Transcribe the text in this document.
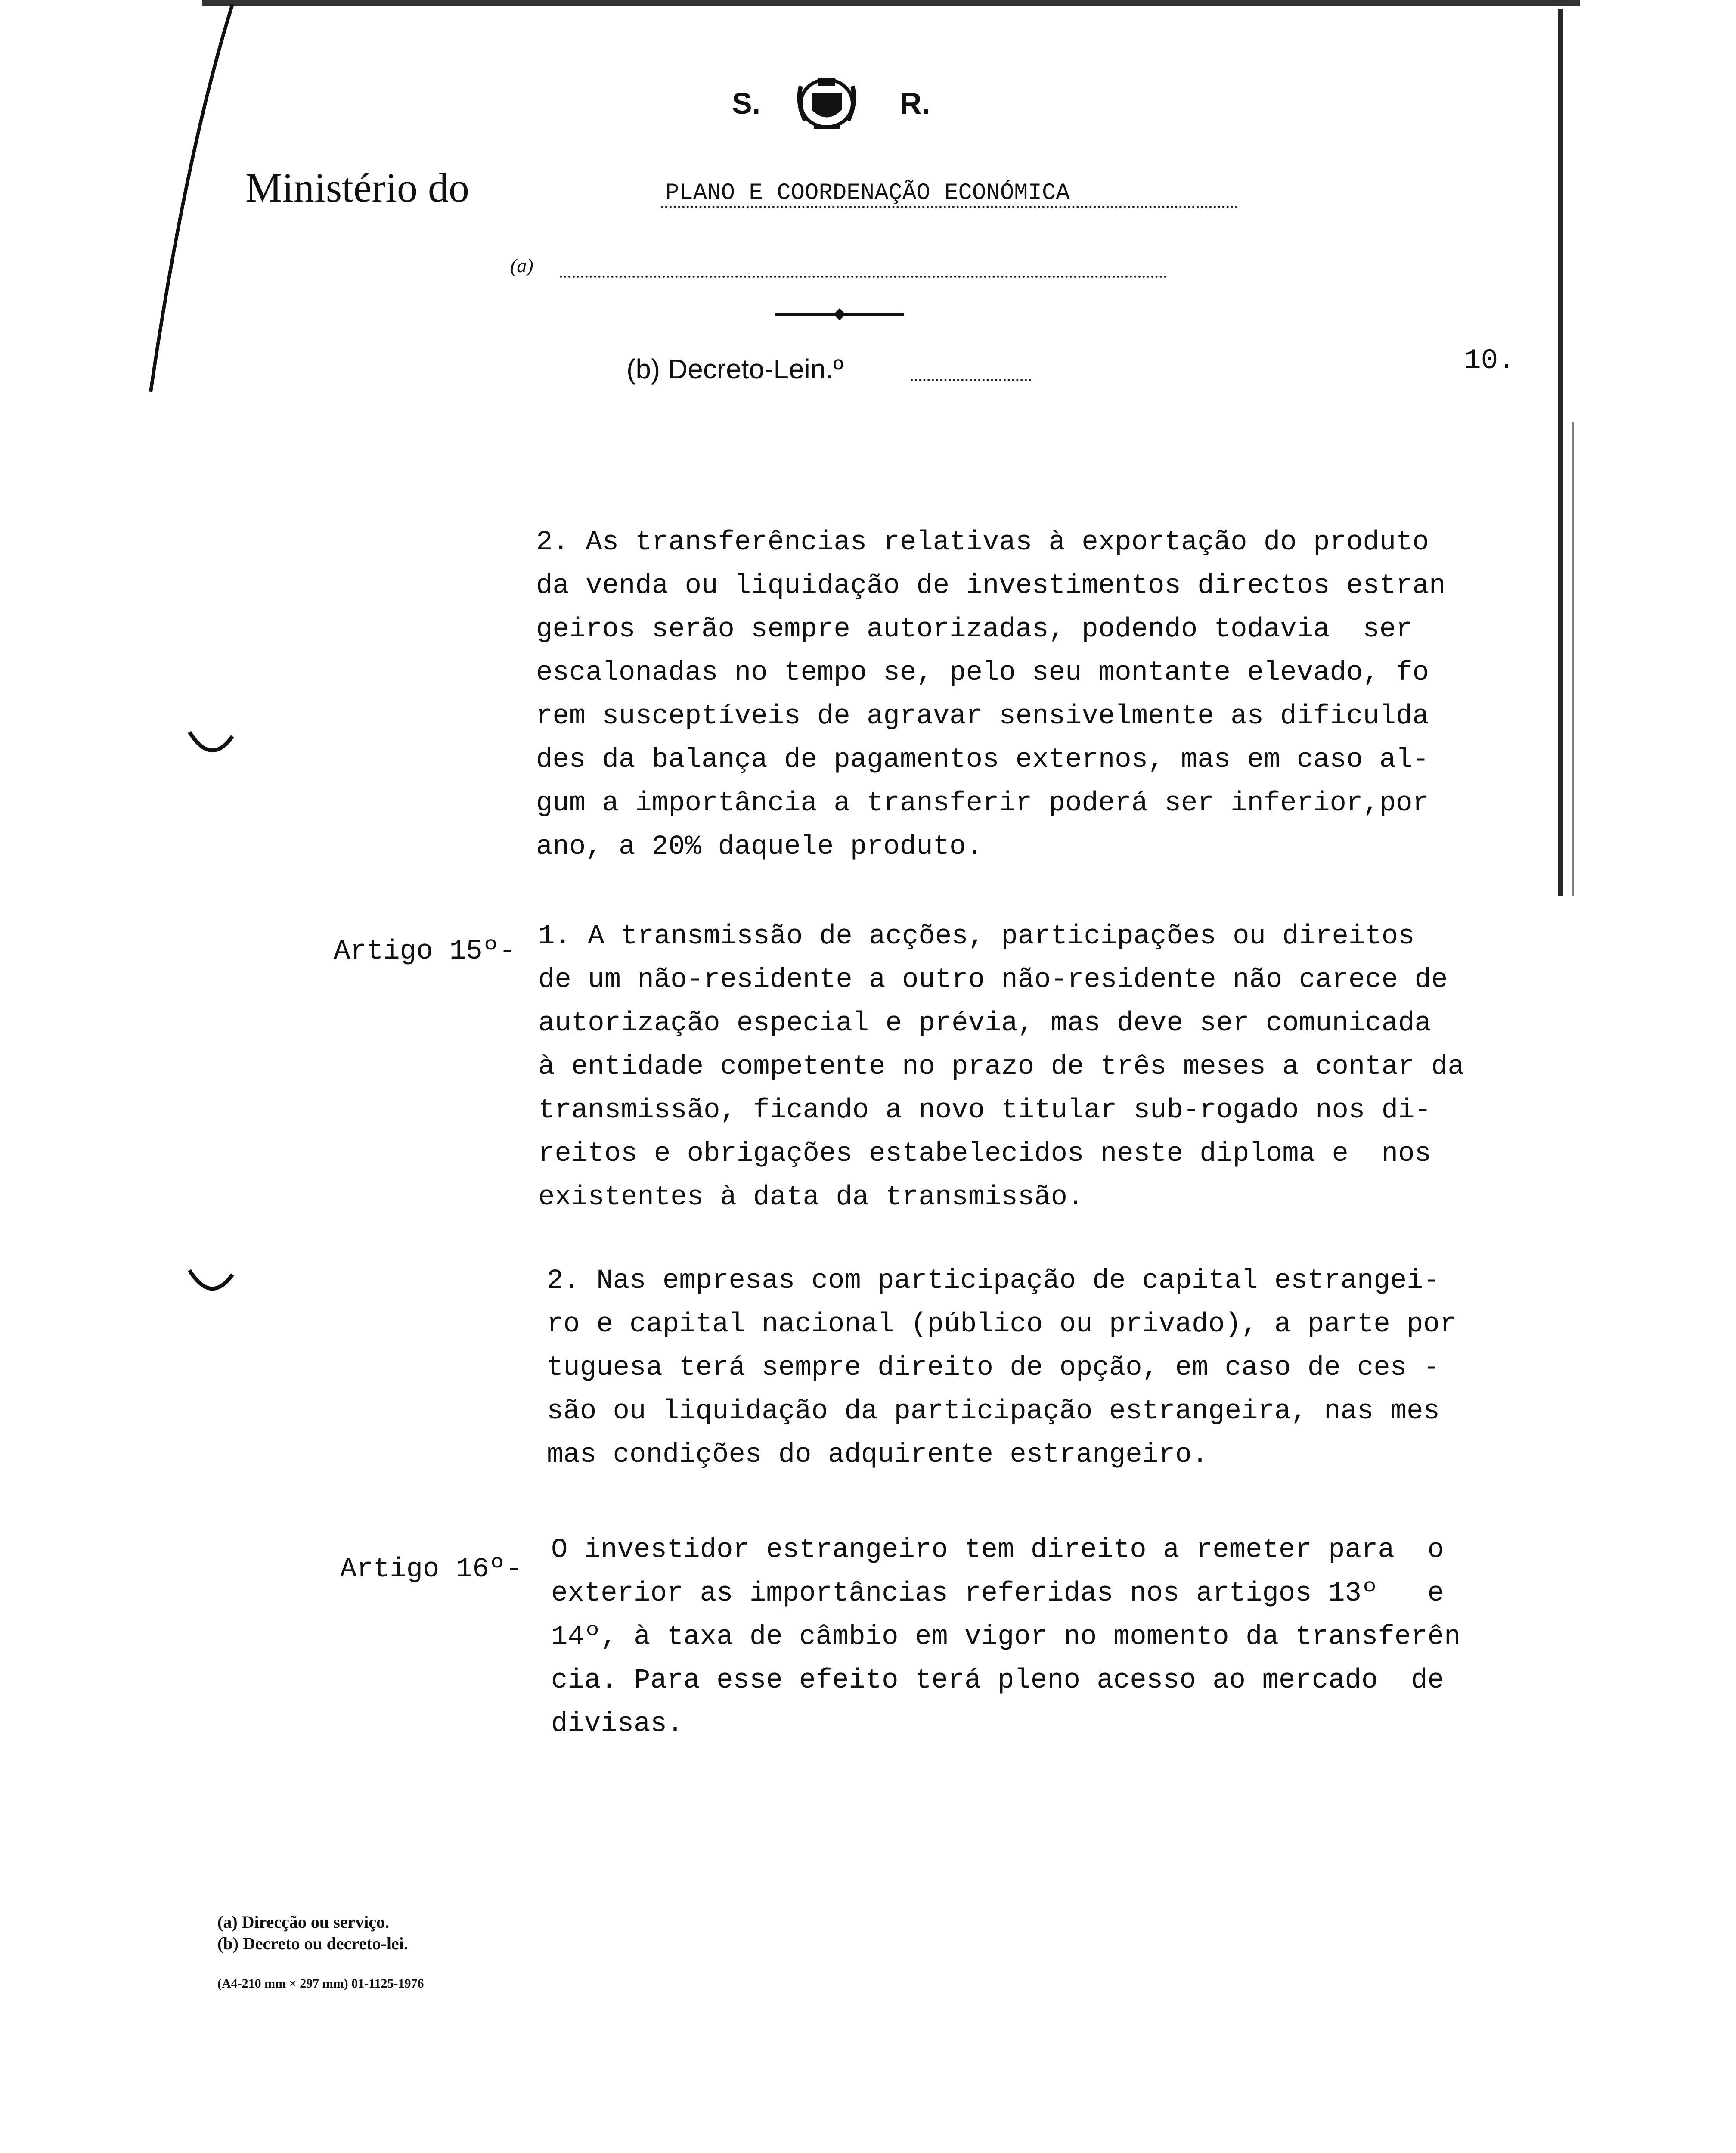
S.	R.
Ministério do	PLANO E COORDENAÇÃO ECONÓMICA
(a)
(b) Decreto-Lein.º	10.
2. As transferências relativas à exportação do produto
da venda ou liquidação de investimentos directos estran
geiros serão sempre autorizadas, podendo todavia  ser
escalonadas no tempo se, pelo seu montante elevado, fo
rem susceptíveis de agravar sensivelmente as dificulda
des da balança de pagamentos externos, mas em caso al-
gum a importância a transferir poderá ser inferior,por
ano, a 20% daquele produto.
Artigo 15º- 1. A transmissão de acções, participações ou direitos
de um não-residente a outro não-residente não carece de
autorização especial e prévia, mas deve ser comunicada
à entidade competente no prazo de três meses a contar da
transmissão, ficando a novo titular sub-rogado nos di-
reitos e obrigações estabelecidos neste diploma e  nos
existentes à data da transmissão.
2. Nas empresas com participação de capital estrangei-
ro e capital nacional (público ou privado), a parte por
tuguesa terá sempre direito de opção, em caso de ces -
são ou liquidação da participação estrangeira, nas mes
mas condições do adquirente estrangeiro.
Artigo 16º-
O investidor estrangeiro tem direito a remeter para  o
exterior as importâncias referidas nos artigos 13º   e
14º, à taxa de câmbio em vigor no momento da transferên
cia. Para esse efeito terá pleno acesso ao mercado  de
divisas.
(a) Direcção ou serviço.
(b) Decreto ou decreto-lei.
(A4-210 mm × 297 mm) 01-1125-1976
